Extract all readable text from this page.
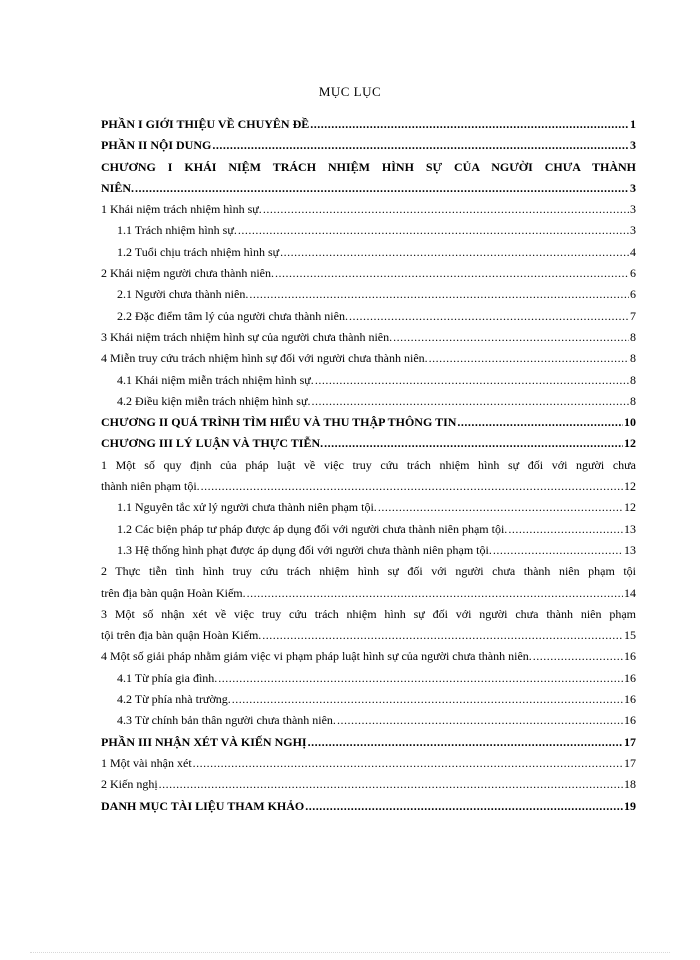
MỤC LỤC
PHẦN I GIỚI THIỆU VỀ CHUYÊN ĐỀ .....	1
PHẦN II NỘI DUNG .....	3
CHƯƠNG I KHÁI NIỆM TRÁCH NHIỆM HÌNH SỰ CỦA NGƯỜI CHƯA THÀNH
NIÊN. .....	3
1 Khái niệm trách nhiệm hình sự. .....	3
1.1 Trách nhiệm hình sự. .....	3
1.2 Tuổi chịu trách nhiệm hình sự .....	4
2 Khái niệm người chưa thành niên. .....	6
2.1 Người chưa thành niên. .....	6
2.2 Đặc điểm tâm lý của người chưa thành niên. .....	7
3 Khái niệm trách nhiệm hình sự của người chưa thành niên. .....	8
4 Miễn truy cứu trách nhiệm hình sự đối với người chưa thành niên. .....	8
4.1 Khái niệm miễn trách nhiệm hình sự. .....	8
4.2 Điều kiện miễn trách nhiệm hình sự. .....	8
CHƯƠNG II QUÁ TRÌNH TÌM HIỂU VÀ THU THẬP THÔNG TIN .....	10
CHƯƠNG III LÝ LUẬN VÀ THỰC TIỄN. .....	12
1 Một số quy định của pháp luật về việc truy cứu trách nhiệm hình sự đối với người chưa
thành niên phạm tội. .....	12
1.1 Nguyên tắc xử lý người chưa thành niên phạm tội. .....	12
1.2 Các biện pháp tư pháp được áp dụng đối với người chưa thành niên phạm tội. .....	13
1.3 Hệ thống hình phạt được áp dụng đối với người chưa thành niên phạm tội. .....	13
2 Thực tiễn tình hình truy cứu trách nhiệm hình sự đối với người chưa thành niên phạm tội
trên địa bàn quận Hoàn Kiếm. .....	14
3 Một số nhận xét về việc truy cứu trách nhiệm hình sự đối với người chưa thành niên phạm
tội trên địa bàn quận Hoàn Kiếm. .....	15
4 Một số giải pháp nhằm giảm việc vi phạm pháp luật hình sự của người chưa thành niên. .....	16
4.1 Từ phía gia đình. .....	16
4.2 Từ phía nhà trường. .....	16
4.3 Từ chính bản thân người chưa thành niên. .....	16
PHẦN III NHẬN XÉT VÀ KIẾN NGHỊ .....	17
1 Một vài nhận xét .....	17
2 Kiến nghị .....	18
DANH MỤC TÀI LIỆU THAM KHẢO .....	19
